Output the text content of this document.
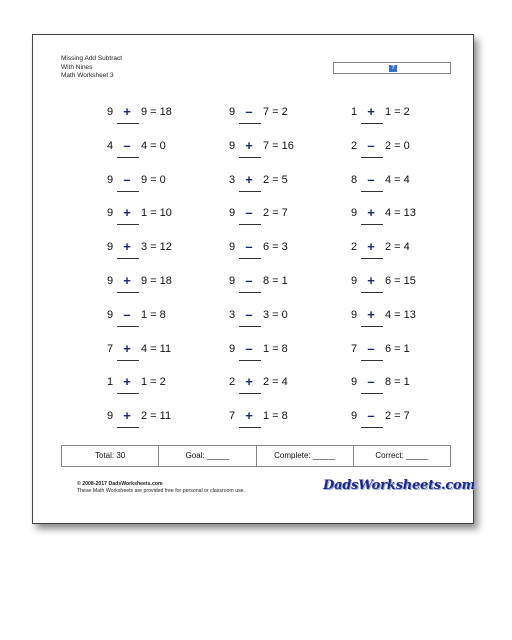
Missing Add Subtract
With Nines
Math Worksheet 3
?
9 + 9 = 18
4 – 4 = 0
9 – 9 = 0
9 + 1 = 10
9 + 3 = 12
9 + 9 = 18
9 – 1 = 8
7 + 4 = 11
1 + 1 = 2
9 + 2 = 11
9 – 7 = 2
9 + 7 = 16
3 + 2 = 5
9 – 2 = 7
9 – 6 = 3
9 – 8 = 1
3 – 3 = 0
9 – 1 = 8
2 + 2 = 4
7 + 1 = 8
1 + 1 = 2
2 – 2 = 0
8 – 4 = 4
9 + 4 = 13
2 + 2 = 4
9 + 6 = 15
9 + 4 = 13
7 – 6 = 1
9 – 8 = 1
9 – 2 = 7
Total: 30	Goal: _____	Complete: _____	Correct: _____
© 2008-2017 DadsWorksheets.com
These Math Worksheets are provided free for personal or classroom use.	DadsWorksheets.com
